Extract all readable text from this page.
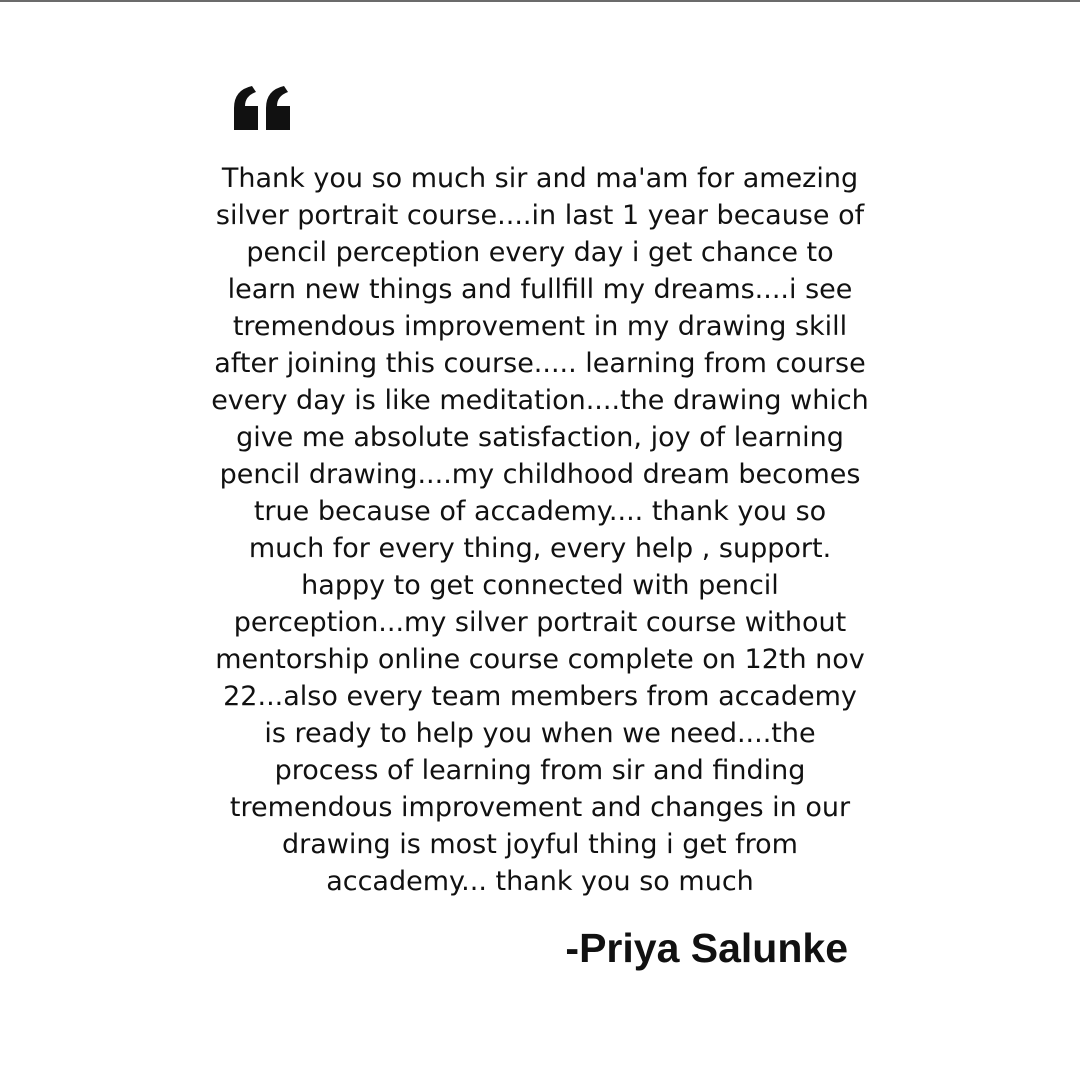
Thank you so much sir and ma'am for amezing
silver portrait course....in last 1 year because of
pencil perception every day i get chance to
learn new things and fullfill my dreams....i see
tremendous improvement in my drawing skill
after joining this course..... learning from course
every day is like meditation....the drawing which
give me absolute satisfaction, joy of learning
pencil drawing....my childhood dream becomes
true because of accademy.... thank you so
much for every thing, every help , support.
happy to get connected with pencil
perception...my silver portrait course without
mentorship online course complete on 12th nov
22...also every team members from accademy
is ready to help you when we need....the
process of learning from sir and finding
tremendous improvement and changes in our
drawing is most joyful thing i get from
accademy... thank you so much
-Priya Salunke
